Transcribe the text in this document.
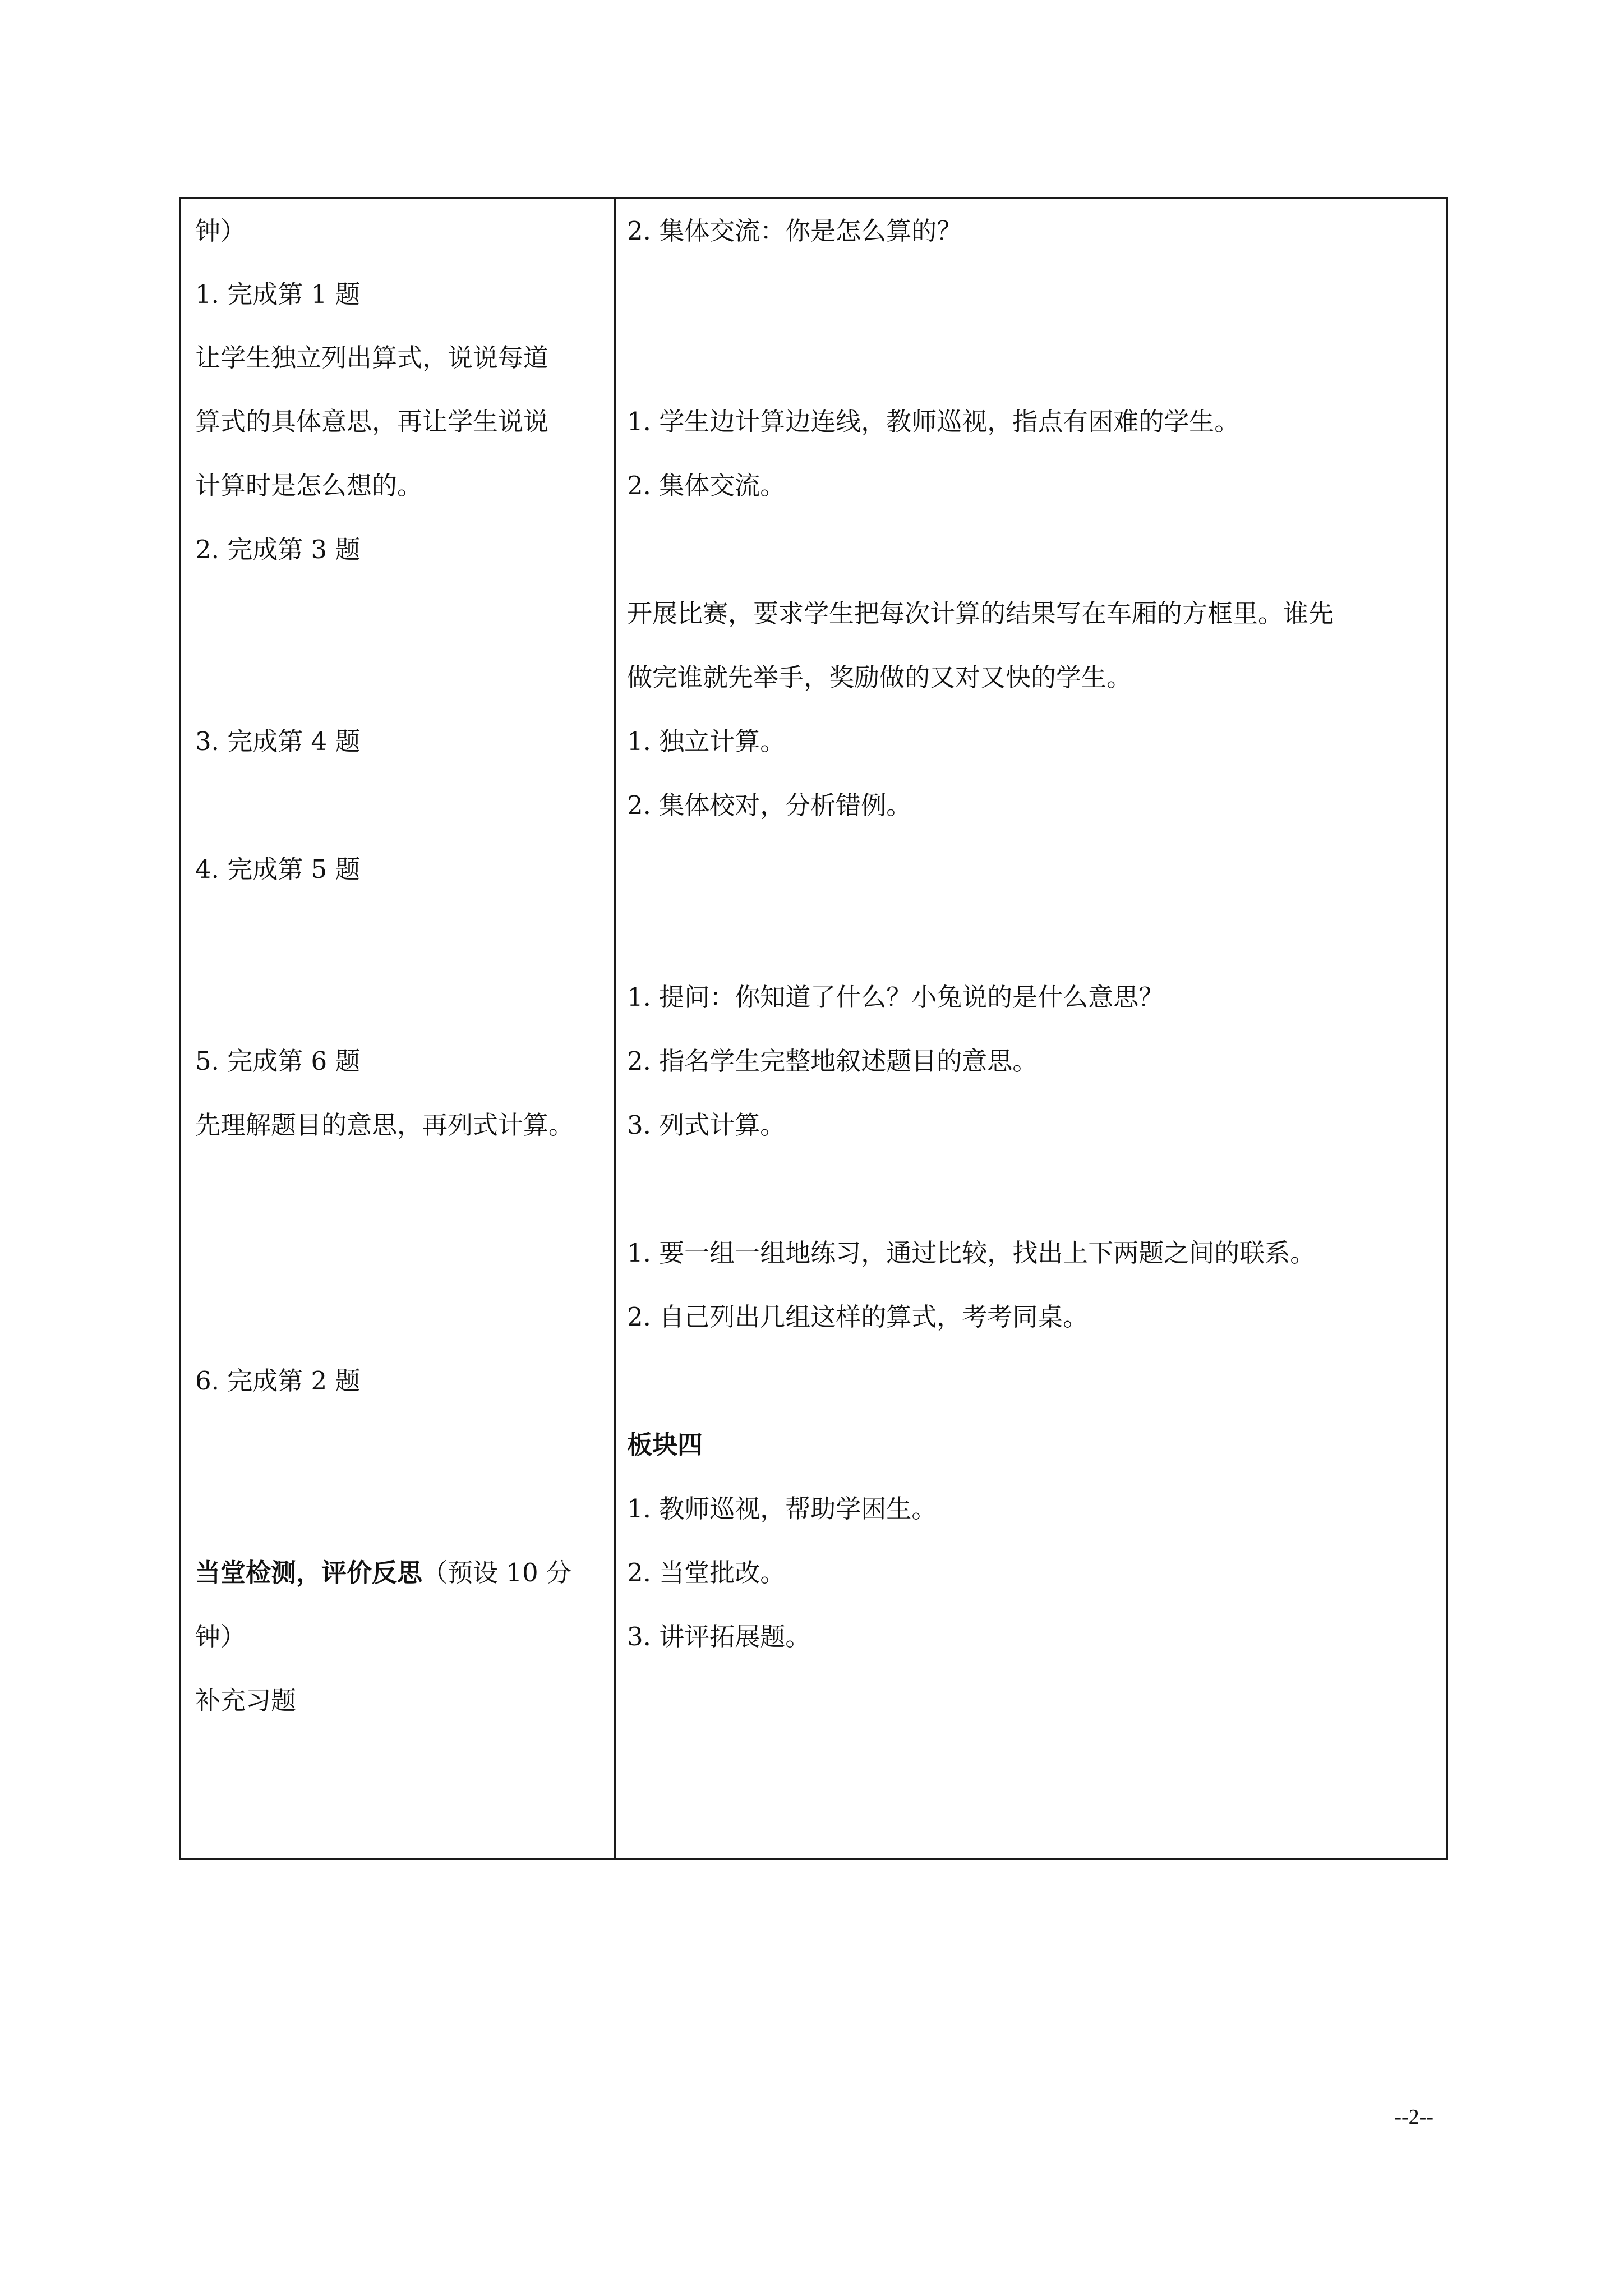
钟）
1. 完成第 1 题
让学生独立列出算式，说说每道
算式的具体意思，再让学生说说
计算时是怎么想的。
2. 完成第 3 题
3. 完成第 4 题
4. 完成第 5 题
5. 完成第 6 题
先理解题目的意思，再列式计算。
6. 完成第 2 题
当堂检测，评价反思（预设 10 分
钟）
补充习题
2. 集体交流：你是怎么算的？
1. 学生边计算边连线，教师巡视，指点有困难的学生。
2. 集体交流。
开展比赛，要求学生把每次计算的结果写在车厢的方框里。谁先
做完谁就先举手，奖励做的又对又快的学生。
1. 独立计算。
2. 集体校对，分析错例。
1. 提问：你知道了什么？小兔说的是什么意思？
2. 指名学生完整地叙述题目的意思。
3. 列式计算。
1. 要一组一组地练习，通过比较，找出上下两题之间的联系。
2. 自己列出几组这样的算式，考考同桌。
板块四
1. 教师巡视，帮助学困生。
2. 当堂批改。
3. 讲评拓展题。
--2--
